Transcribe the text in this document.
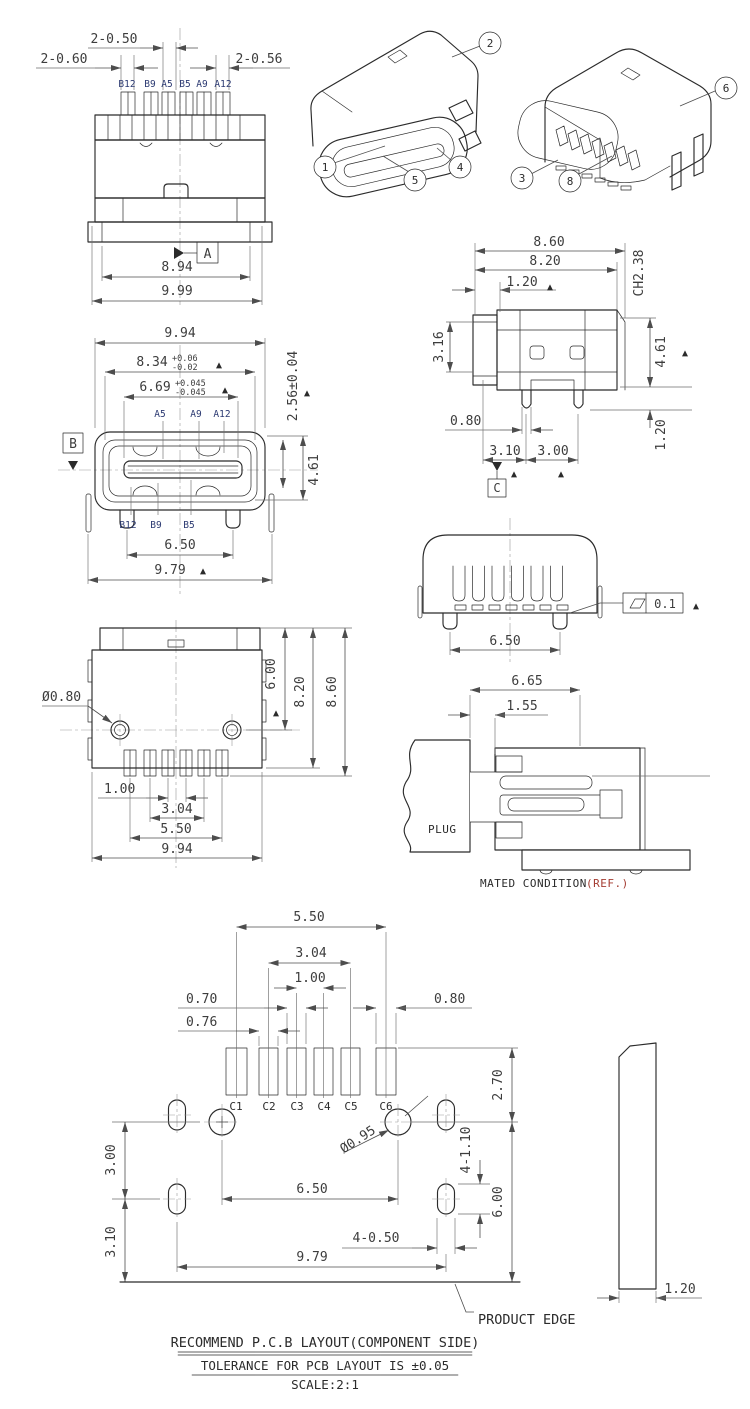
A
2-0.50
2-0.60	2-0.56
B12 B9 A5 B5 A9 A12
8.94
9.99
1
2
4
5	3
6
8
8.60
8.20
1.20 ▲	CH2.38
3.16	4.61 ▲
1.20
0.80
3.10 3.00
▲	▲
C
9.94
8.34 +0.06
-0.02 ▲
6.69 +0.045
-0.045 ▲	2.56±0.04 ▲
4.61
A5	A9 A12
B12 B9 B5
6.50
9.79 ▲
B
6.50
0.1 ▲
Ø0.80
6.00
▲
8.20 8.60
1.00
3.04
5.50
9.94
PLUG
6.65
1.55
MATED CONDITION (REF.)
5.50
3.04
1.00
0.70
0.76
0.80
C1 C2 C3 C4 C5 C6
Ø0.95
3.00
3.10
6.50
2.70
6.00
4-1.10
4-0.50
9.79
PRODUCT EDGE
1.20
RECOMMEND P.C.B LAYOUT(COMPONENT SIDE)
TOLERANCE FOR PCB LAYOUT IS ±0.05
SCALE:2:1
